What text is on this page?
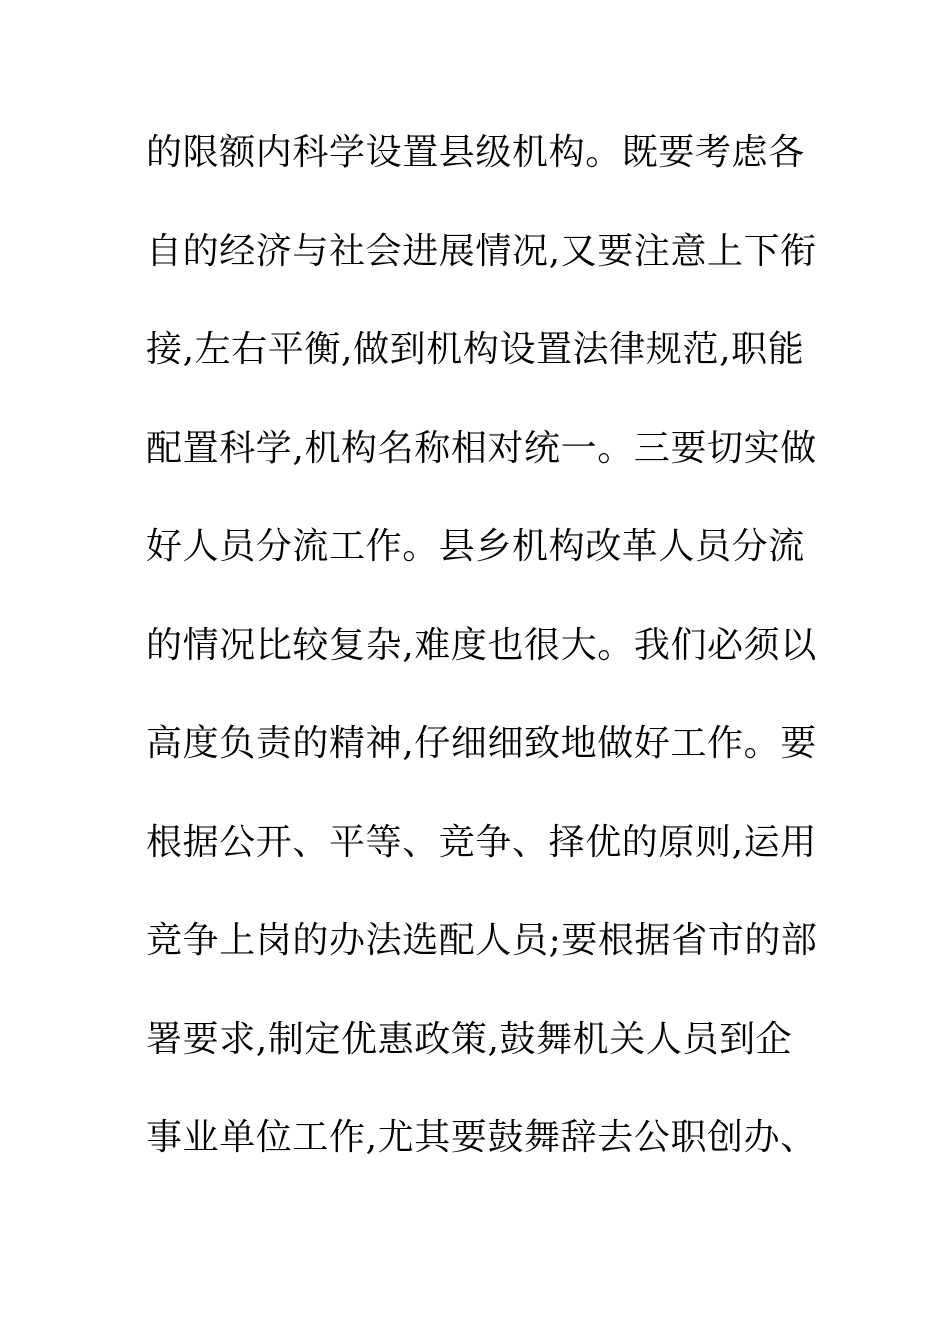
的限额内科学设置县级机构。既要考虑各
自的经济与社会进展情况,又要注意上下衔
接,左右平衡,做到机构设置法律规范,职能
配置科学,机构名称相对统一。三要切实做
好人员分流工作。县乡机构改革人员分流
的情况比较复杂,难度也很大。我们必须以
高度负责的精神,仔细细致地做好工作。要
根据公开、平等、竞争、择优的原则,运用
竞争上岗的办法选配人员;要根据省市的部
署要求,制定优惠政策,鼓舞机关人员到企
事业单位工作,尤其要鼓舞辞去公职创办、
